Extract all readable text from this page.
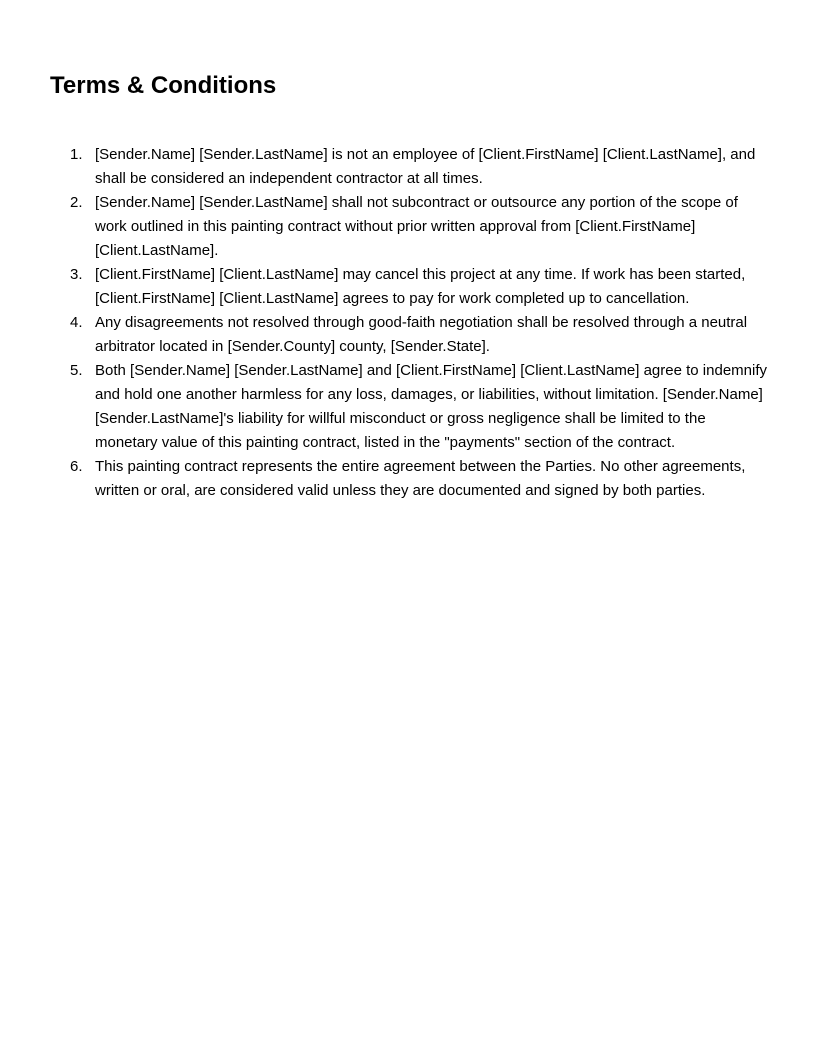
Terms & Conditions
1. [Sender.Name] [Sender.LastName] is not an employee of [Client.FirstName] [Client.LastName], and shall be considered an independent contractor at all times.
2. [Sender.Name] [Sender.LastName] shall not subcontract or outsource any portion of the scope of work outlined in this painting contract without prior written approval from [Client.FirstName] [Client.LastName].
3. [Client.FirstName] [Client.LastName] may cancel this project at any time. If work has been started, [Client.FirstName] [Client.LastName] agrees to pay for work completed up to cancellation.
4. Any disagreements not resolved through good-faith negotiation shall be resolved through a neutral arbitrator located in [Sender.County] county, [Sender.State].
5. Both [Sender.Name] [Sender.LastName] and [Client.FirstName] [Client.LastName] agree to indemnify and hold one another harmless for any loss, damages, or liabilities, without limitation. [Sender.Name] [Sender.LastName]'s liability for willful misconduct or gross negligence shall be limited to the monetary value of this painting contract, listed in the "payments" section of the contract.
6. This painting contract represents the entire agreement between the Parties. No other agreements, written or oral, are considered valid unless they are documented and signed by both parties.
